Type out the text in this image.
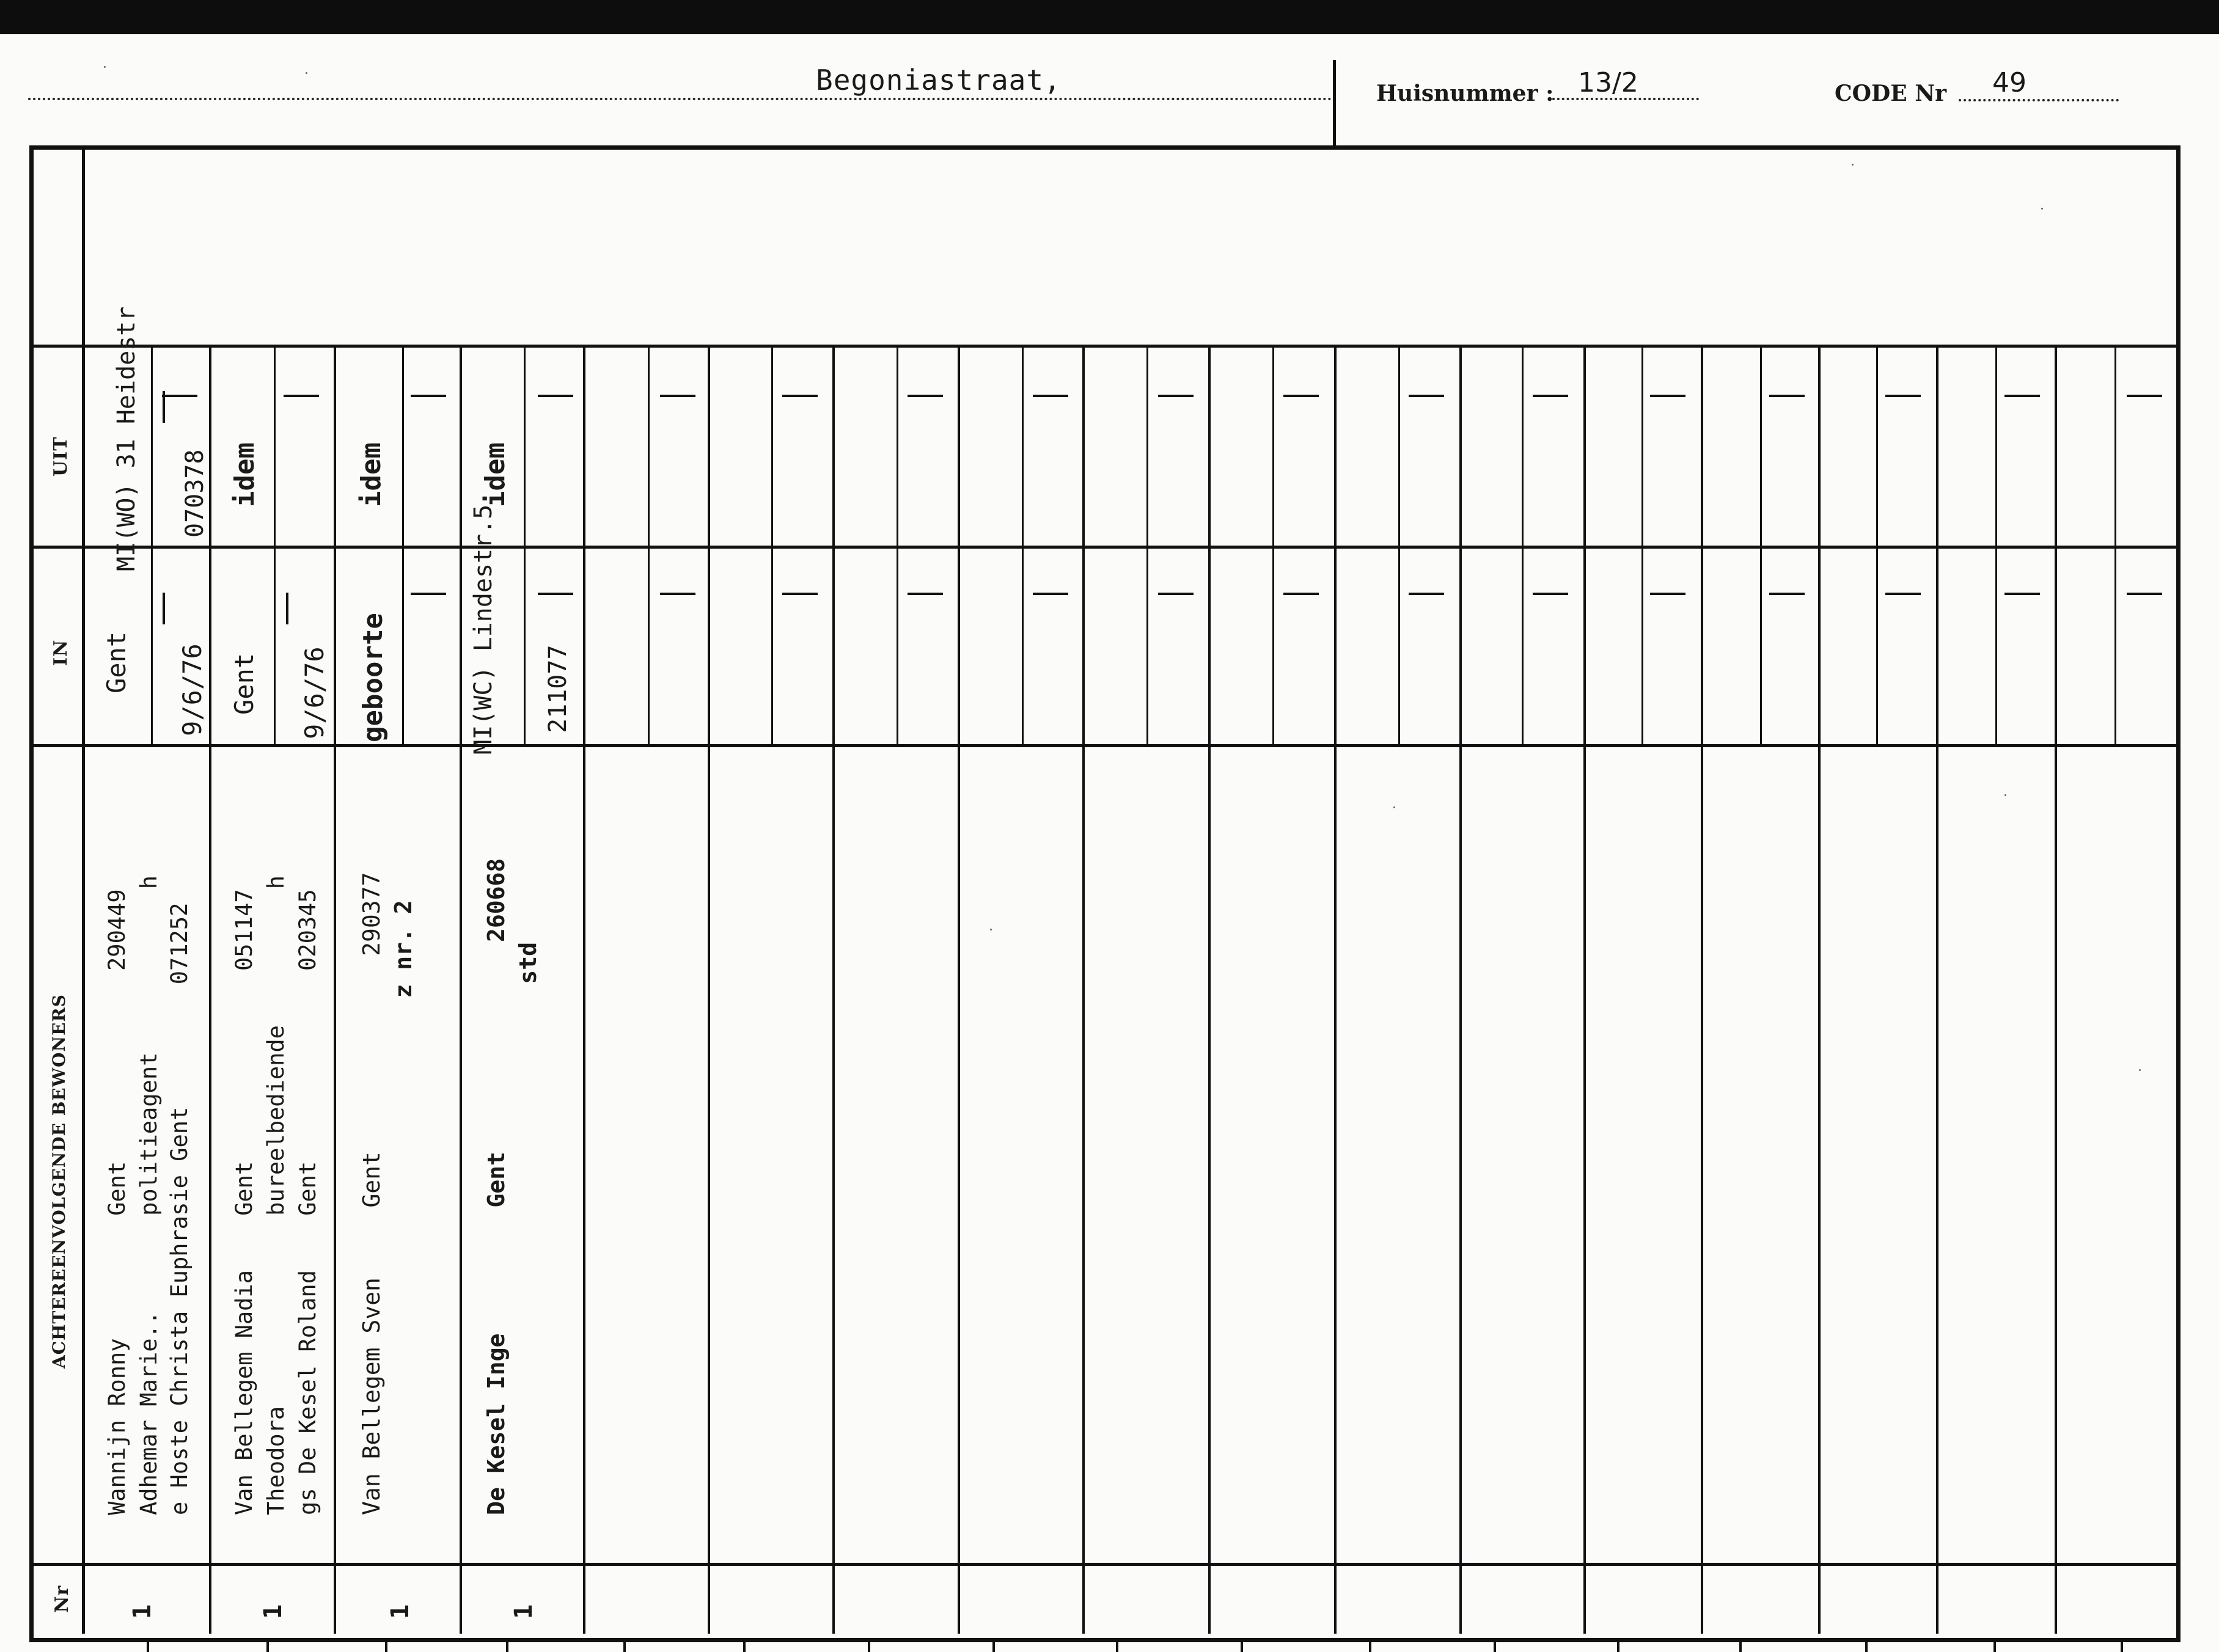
Begoniastraat,	Huisnummer : 13/2	CODE Nr 49
UIT
IN
ACHTEREENVOLGENDE BEWONERS
Nr
MI(WO) 31 Heidestr 070378
Gent 9/6/76
Wannijn Ronny         Gent              290449 Adhemar Marie..       politieagent            h e Hoste Christa Euphrasie Gent         071252
1
idem
Gent 9/6/76
Van Bellegem Nadia    Gent              051147 Theodora              bureelbediende          h gs De Kesel Roland    Gent              020345
1
idem
geboorte
Van Bellegem Sven     Gent              290377 z nr. 2
1
idem
MI(WC) Lindestr.5 211077
De Kesel Inge         Gent               260668 std
1
